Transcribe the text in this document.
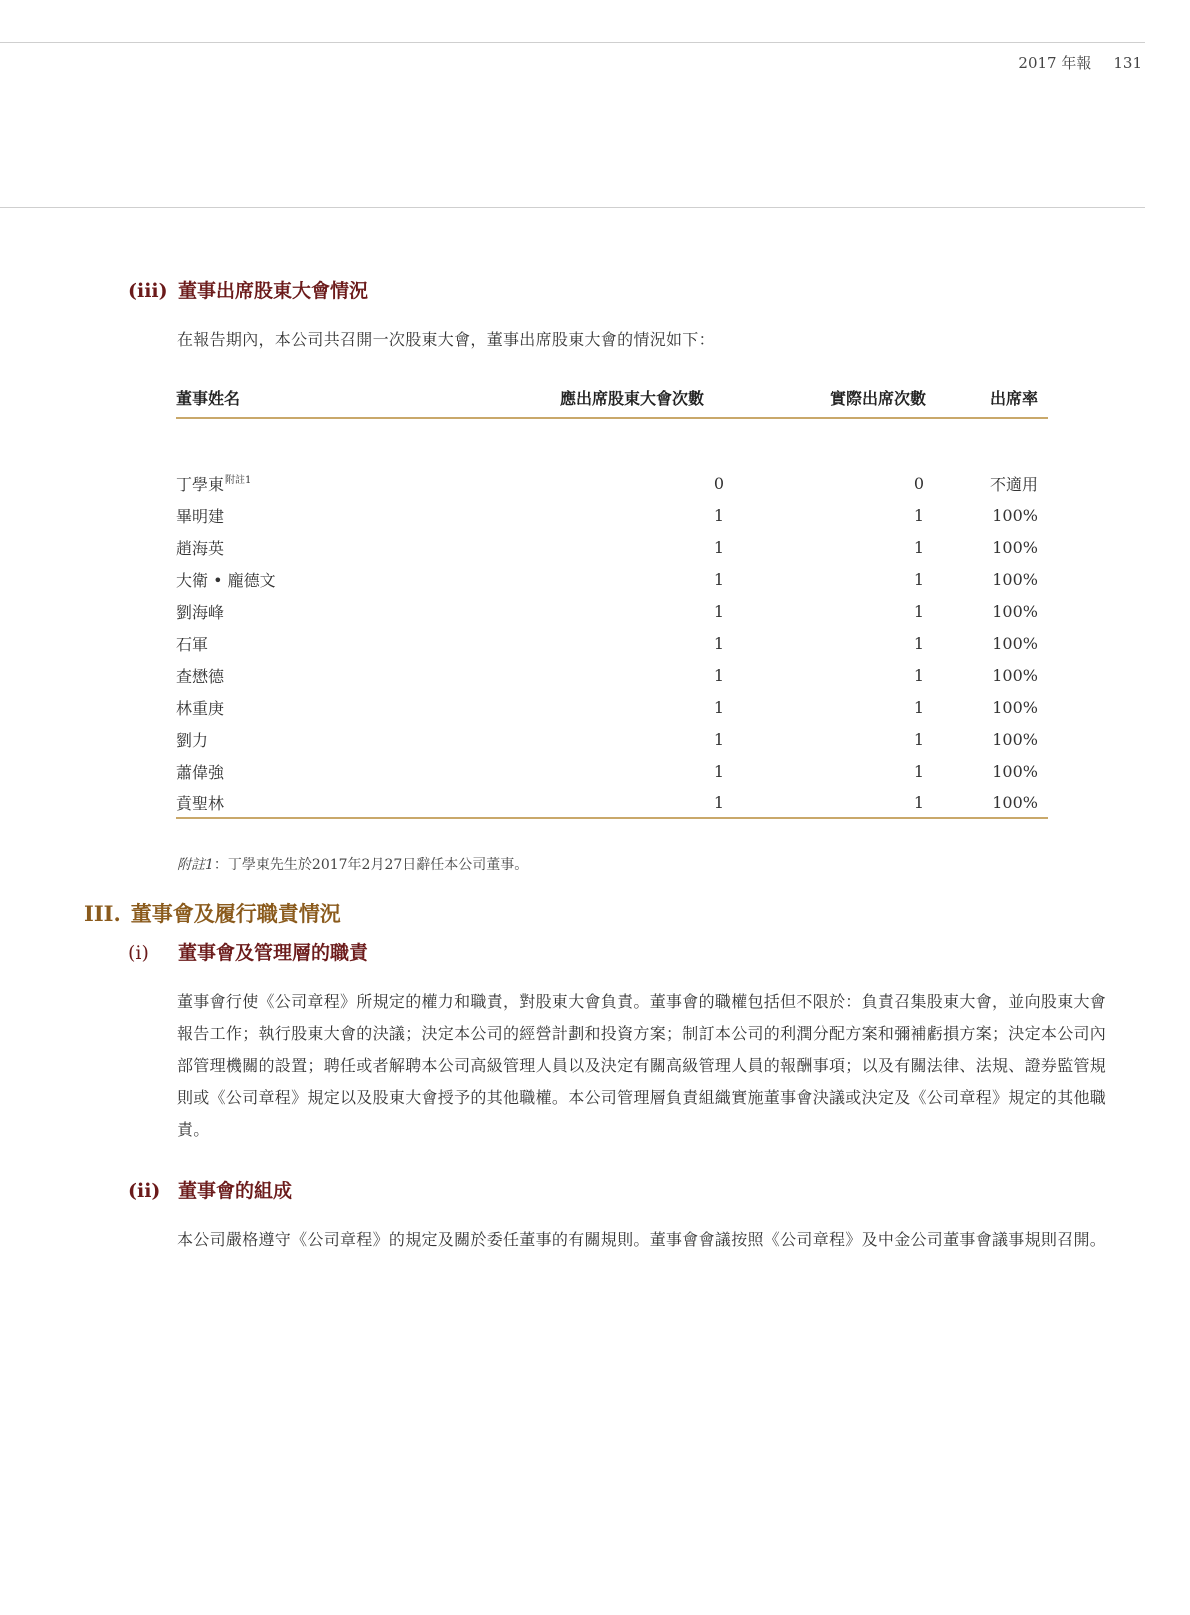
2017 年報 131
(iii) 董事出席股東大會情況
在報告期內，本公司共召開一次股東大會，董事出席股東大會的情況如下：
董事姓名	應出席股東大會次數	實際出席次數	出席率

丁學東$^{附註1}$	0	0	不適用
畢明建	1	1	100%
趙海英	1	1	100%
大衛 • 龐德文	1	1	100%
劉海峰	1	1	100%
石軍	1	1	100%
查懋德	1	1	100%
林重庚	1	1	100%
劉力	1	1	100%
蕭偉強	1	1	100%
賁聖林	1	1	100%
附註1：丁學東先生於2017年2月27日辭任本公司董事。
III. 董事會及履行職責情況
(i) 董事會及管理層的職責
董事會行使《公司章程》所規定的權力和職責，對股東大會負責。董事會的職權包括但不限於：負責召集股東大會，並向股東大會報告工作；執行股東大會的決議；決定本公司的經營計劃和投資方案；制訂本公司的利潤分配方案和彌補虧損方案；決定本公司內部管理機關的設置；聘任或者解聘本公司高級管理人員以及決定有關高級管理人員的報酬事項；以及有關法律、法規、證券監管規則或《公司章程》規定以及股東大會授予的其他職權。本公司管理層負責組織實施董事會決議或決定及《公司章程》規定的其他職責。
(ii) 董事會的組成
本公司嚴格遵守《公司章程》的規定及關於委任董事的有關規則。董事會會議按照《公司章程》及中金公司董事會議事規則召開。
